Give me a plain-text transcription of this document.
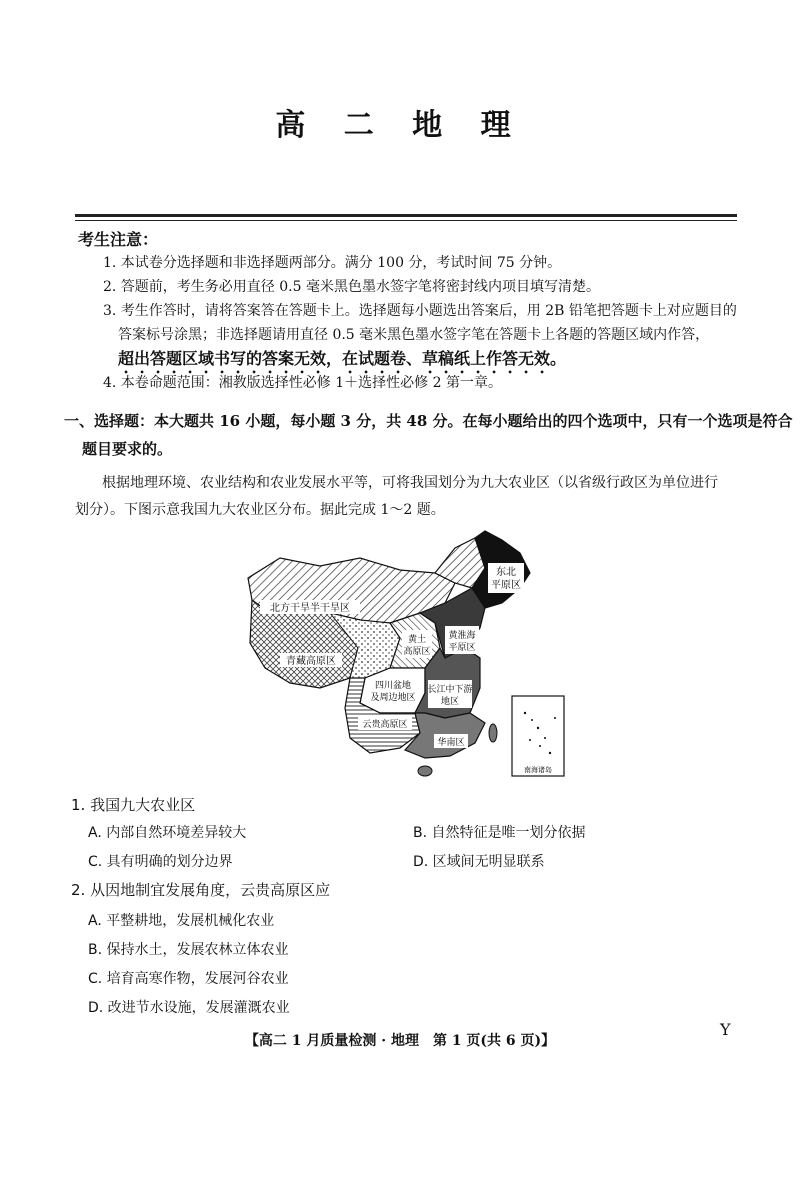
高 二 地 理
考生注意：
1. 本试卷分选择题和非选择题两部分。满分 100 分，考试时间 75 分钟。
2. 答题前，考生务必用直径 0.5 毫米黑色墨水签字笔将密封线内项目填写清楚。
3. 考生作答时，请将答案答在答题卡上。选择题每小题选出答案后，用 2B 铅笔把答题卡上对应题目的
答案标号涂黑；非选择题请用直径 0.5 毫米黑色墨水签字笔在答题卡上各题的答题区域内作答，
超出答题区域书写的答案无效，在试题卷、草稿纸上作答无效。
4. 本卷命题范围：湘教版选择性必修 1＋选择性必修 2 第一章。
一、选择题：本大题共 16 小题，每小题 3 分，共 48 分。在每小题给出的四个选项中，只有一个选项是符合
题目要求的。
根据地理环境、农业结构和农业发展水平等，可将我国划分为九大农业区（以省级行政区为单位进行
划分）。下图示意我国九大农业区分布。据此完成 1～2 题。
东北
平原区
北方干旱半干旱区
黄土
高原区
黄淮海
平原区
青藏高原区
四川盆地
及周边地区
长江中下游
地区
云贵高原区
华南区
南海诸岛
1. 我国九大农业区
A. 内部自然环境差异较大	B. 自然特征是唯一划分依据
C. 具有明确的划分边界	D. 区域间无明显联系
2. 从因地制宜发展角度，云贵高原区应
A. 平整耕地，发展机械化农业
B. 保持水土，发展农林立体农业
C. 培育高寒作物，发展河谷农业
D. 改进节水设施，发展灌溉农业
【高二 1 月质量检测 · 地理　第 1 页(共 6 页)】
Y
